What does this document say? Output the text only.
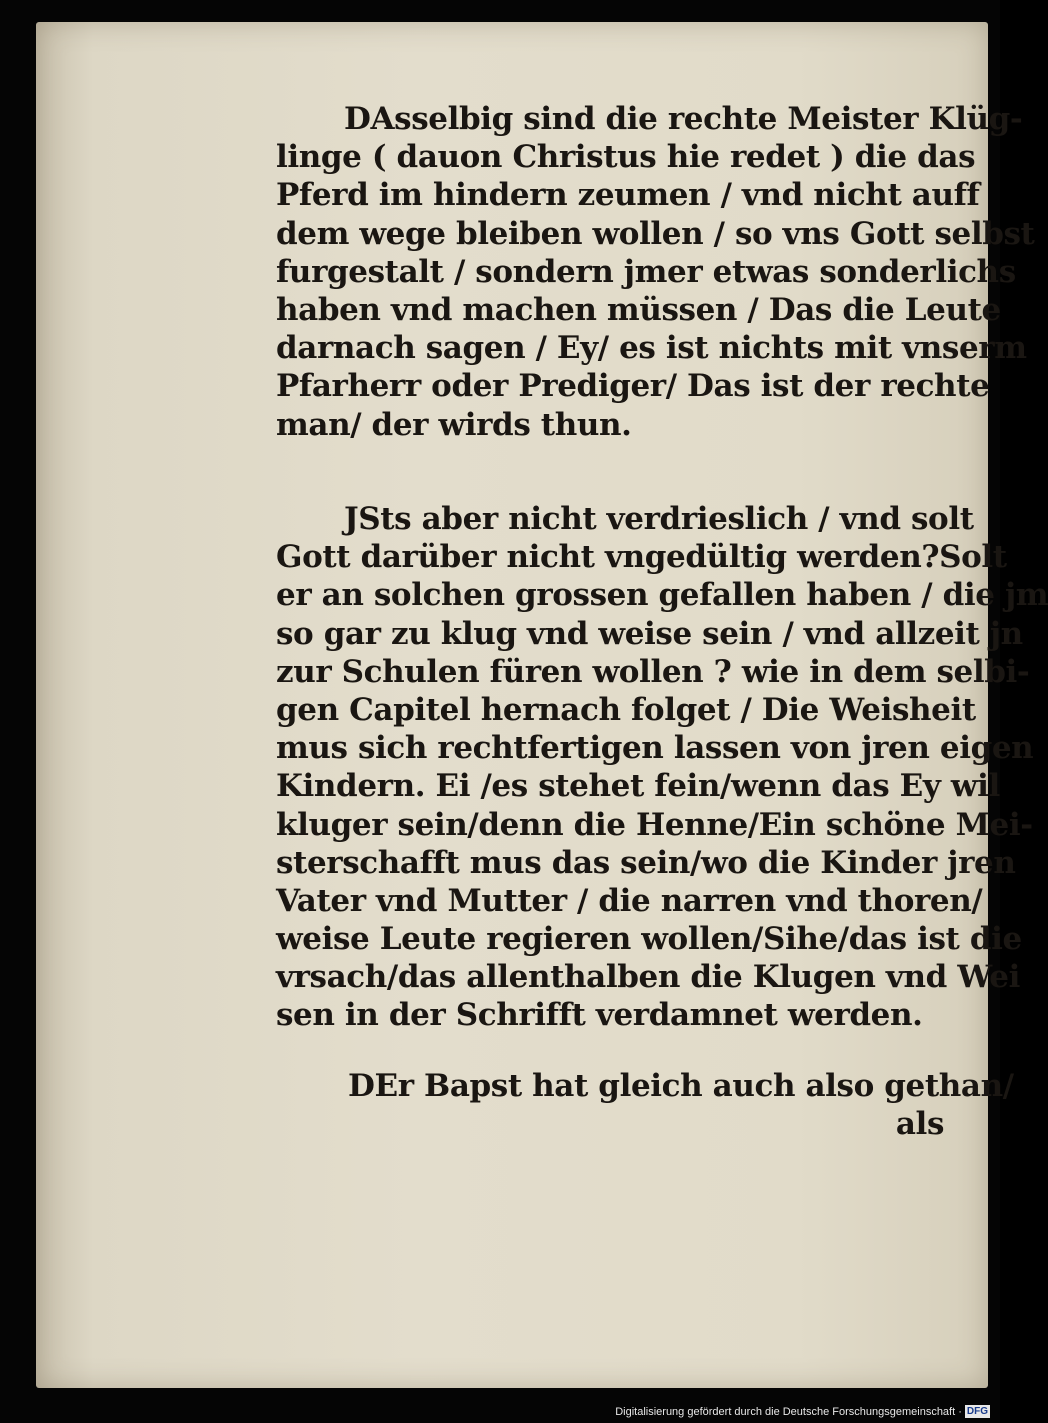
DAsselbig sind die rechte Meister Klüg-
linge ( dauon Christus hie redet ) die das
Pferd im hindern zeumen / vnd nicht auff
dem wege bleiben wollen / so vns Gott selbst
furgestalt / sondern jmer etwas sonderlichs
haben vnd machen müssen / Das die Leute
darnach sagen / Ey/ es ist nichts mit vnserm
Pfarherr oder Prediger/ Das ist der rechte
man/ der wirds thun.
JSts aber nicht verdrieslich / vnd solt
Gott darüber nicht vngedültig werden?Solt
er an solchen grossen gefallen haben / die jm
so gar zu klug vnd weise sein / vnd allzeit jn
zur Schulen füren wollen ? wie in dem selbi-
gen Capitel hernach folget / Die Weisheit
mus sich rechtfertigen lassen von jren eigen
Kindern. Ei /es stehet fein/wenn das Ey wil
kluger sein/denn die Henne/Ein schöne Mei-
sterschafft mus das sein/wo die Kinder jren
Vater vnd Mutter / die narren vnd thoren/
weise Leute regieren wollen/Sihe/das ist die
vrsach/das allenthalben die Klugen vnd Wei
sen in der Schrifft verdamnet werden.
DEr Bapst hat gleich auch also gethan/
als
Digitalisierung gefördert durch die Deutsche Forschungsgemeinschaft · DFG
